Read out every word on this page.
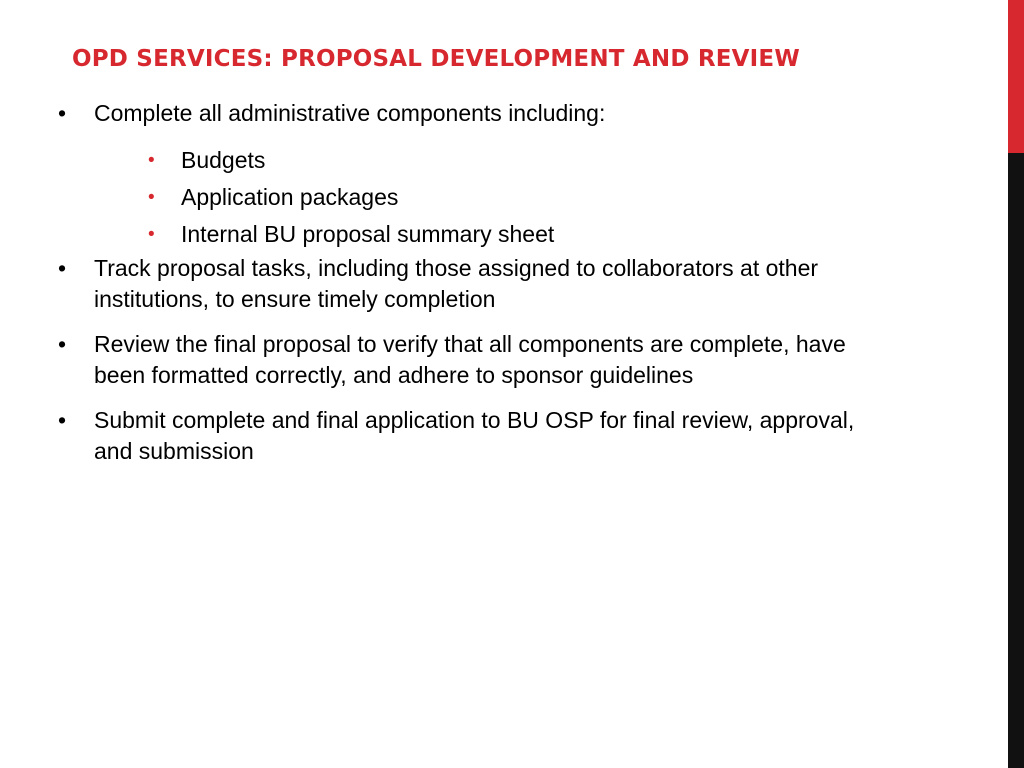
OPD SERVICES: PROPOSAL DEVELOPMENT AND REVIEW
•	Complete all administrative components including:
•	Budgets
•	Application packages
•	Internal BU proposal summary sheet
•	Track proposal tasks, including those assigned to collaborators at other institutions, to ensure timely completion
•	Review the final proposal to verify that all components are complete, have been formatted correctly, and adhere to sponsor guidelines
•	Submit complete and final application to BU OSP for final review, approval, and submission
